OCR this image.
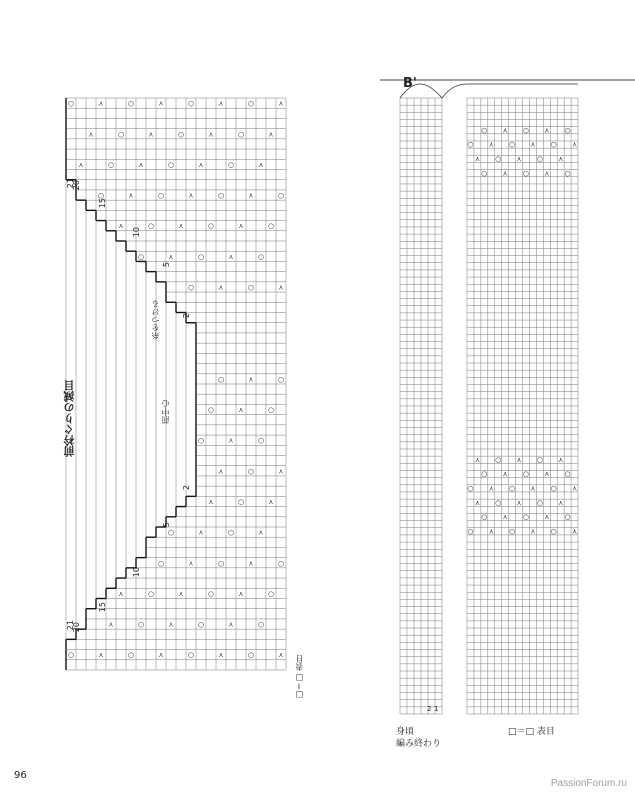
○	⋏	○	⋏	○	⋏	○	⋏
⋏	○	⋏	○	⋏	○	⋏
⋏	○	⋏	○	⋏	○	⋏
○	⋏	○	⋏	○	⋏	○
⋏	○	⋏	○	⋏	○
○	⋏	○	⋏	○
○	⋏	○	⋏
○	⋏	○
○	⋏	○
○	⋏	○
⋏	○	⋏
⋏	○	⋏
○	⋏	○	⋏
○	⋏	○	⋏	○
⋏	○	⋏	○	⋏	○
⋏	○	⋏	○	⋏	○
○	⋏	○	⋏	○	⋏	○	⋏
○ ⋏ ○ ⋏ ○
○ ⋏ ○ ⋏ ○ ⋏
⋏ ○ ⋏ ○ ⋏
○ ⋏ ○ ⋏ ○
⋏ ○ ⋏ ○ ⋏
○ ⋏ ○ ⋏ ○
○ ⋏ ○ ⋏ ○ ⋏
⋏ ○ ⋏ ○ ⋏
○ ⋏ ○ ⋏ ○
○ ⋏ ○ ⋏ ○ ⋏
前衿ぐりの減目
糸をつける
前中心
□＝□ 表目
21
20
15
10
5
2
21
20
15
10
5
2
B'
2 1
身頃
編み終わり
□＝□ 表目
96
PassionForum.ru
